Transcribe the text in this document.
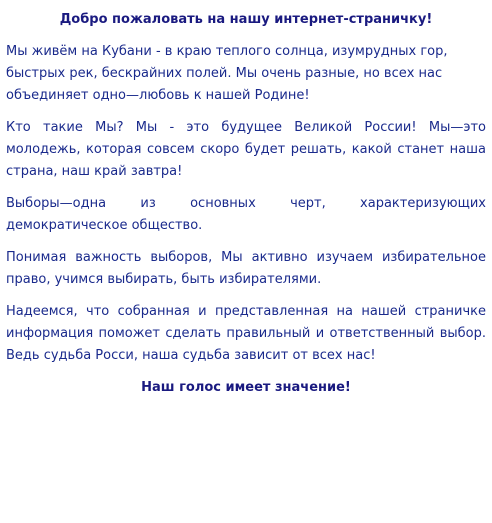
Добро пожаловать на нашу интернет-страничку!

Мы живём на Кубани - в краю теплого солнца, изумрудных гор, быстрых рек, бескрайних полей. Мы очень разные, но всех нас объединяет одно—любовь к нашей Родине!

Кто такие Мы? Мы - это будущее Великой России! Мы—это молодежь, которая совсем скоро будет решать, какой станет наша страна, наш край завтра!

Выборы—одна из основных черт, характеризующих демократическое общество.

Понимая важность выборов, Мы активно изучаем избирательное право, учимся выбирать, быть избирателями.

Надеемся, что собранная и представленная на нашей страничке информация поможет сделать правильный и ответственный выбор. Ведь судьба Росси, наша судьба зависит от всех нас!

Наш голос имеет значение!
